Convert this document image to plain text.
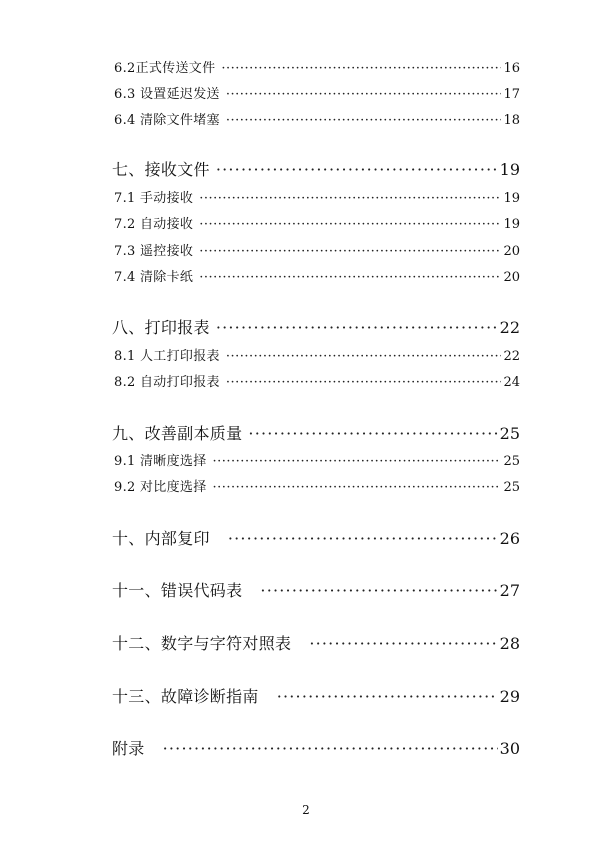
6.2正式传送文件 ·····	16
6.3 设置延迟发送 ·····	17
6.4 清除文件堵塞 ·····	18
七、接收文件 ·····	19
7.1 手动接收 ·····	19
7.2 自动接收 ·····	19
7.3 遥控接收 ·····	20
7.4 清除卡纸 ·····	20
八、打印报表 ·····	22
8.1 人工打印报表 ·····	22
8.2 自动打印报表 ·····	24
九、改善副本质量 ·····	25
9.1 清晰度选择 ·····	25
9.2 对比度选择 ·····	25
十、内部复印 ·····	26
十一、错误代码表 ·····	27
十二、数字与字符对照表 ·····	28
十三、故障诊断指南 ·····	29
附录 ·····	30
2
